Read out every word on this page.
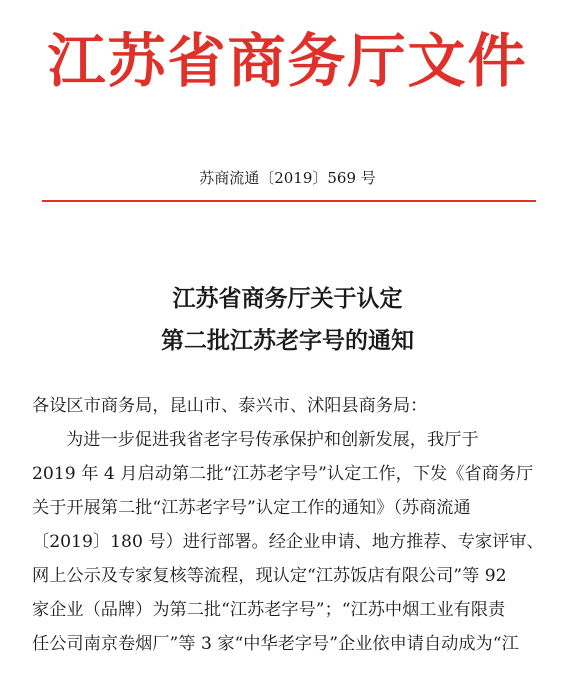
江苏省商务厅文件
苏商流通〔2019〕569 号
江苏省商务厅关于认定
第二批江苏老字号的通知
各设区市商务局，昆山市、泰兴市、沭阳县商务局：
为进一步促进我省老字号传承保护和创新发展，我厅于
2019 年 4 月启动第二批“江苏老字号”认定工作，下发《省商务厅
关于开展第二批“江苏老字号”认定工作的通知》（苏商流通
〔2019〕180 号）进行部署。经企业申请、地方推荐、专家评审、
网上公示及专家复核等流程，现认定“江苏饭店有限公司”等 92
家企业（品牌）为第二批“江苏老字号”；“江苏中烟工业有限责
任公司南京卷烟厂”等 3 家“中华老字号”企业依申请自动成为“江
